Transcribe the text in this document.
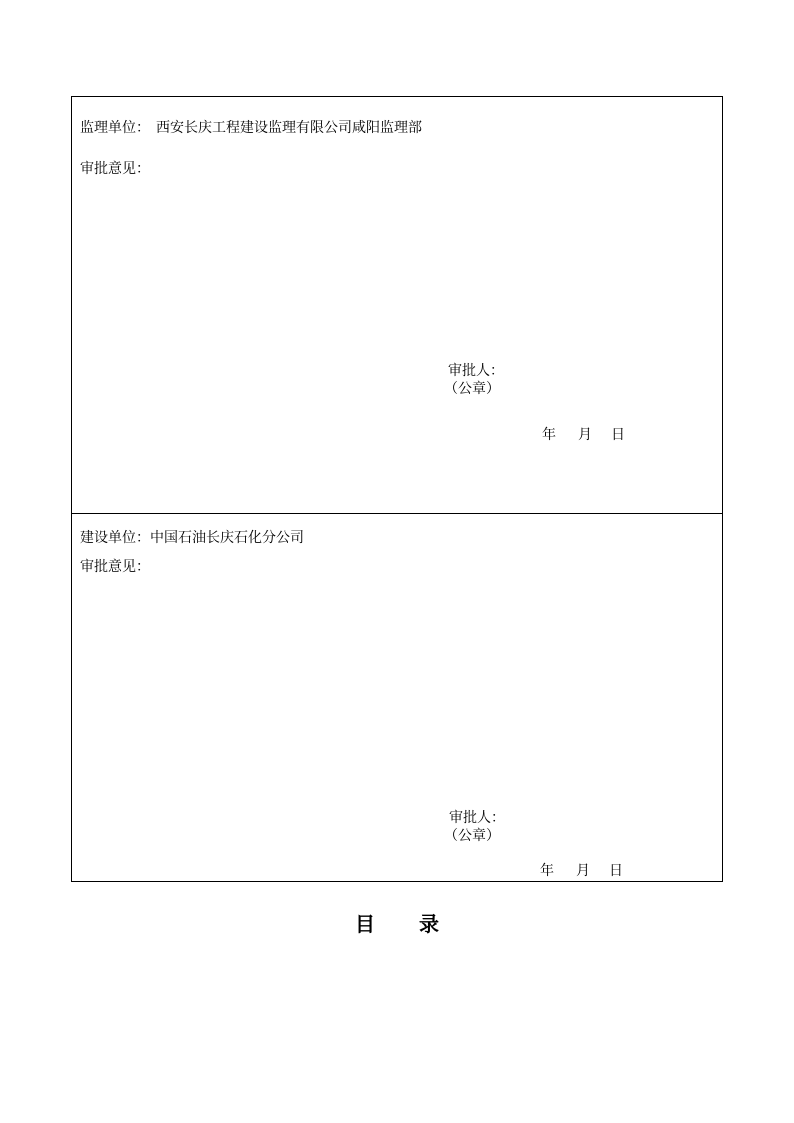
监理单位： 西安长庆工程建设监理有限公司咸阳监理部
审批意见：
审批人：
（公章）
年 月 日
建设单位： 中国石油长庆石化分公司
审批意见：
审批人：
（公章）
年 月 日
目 录
